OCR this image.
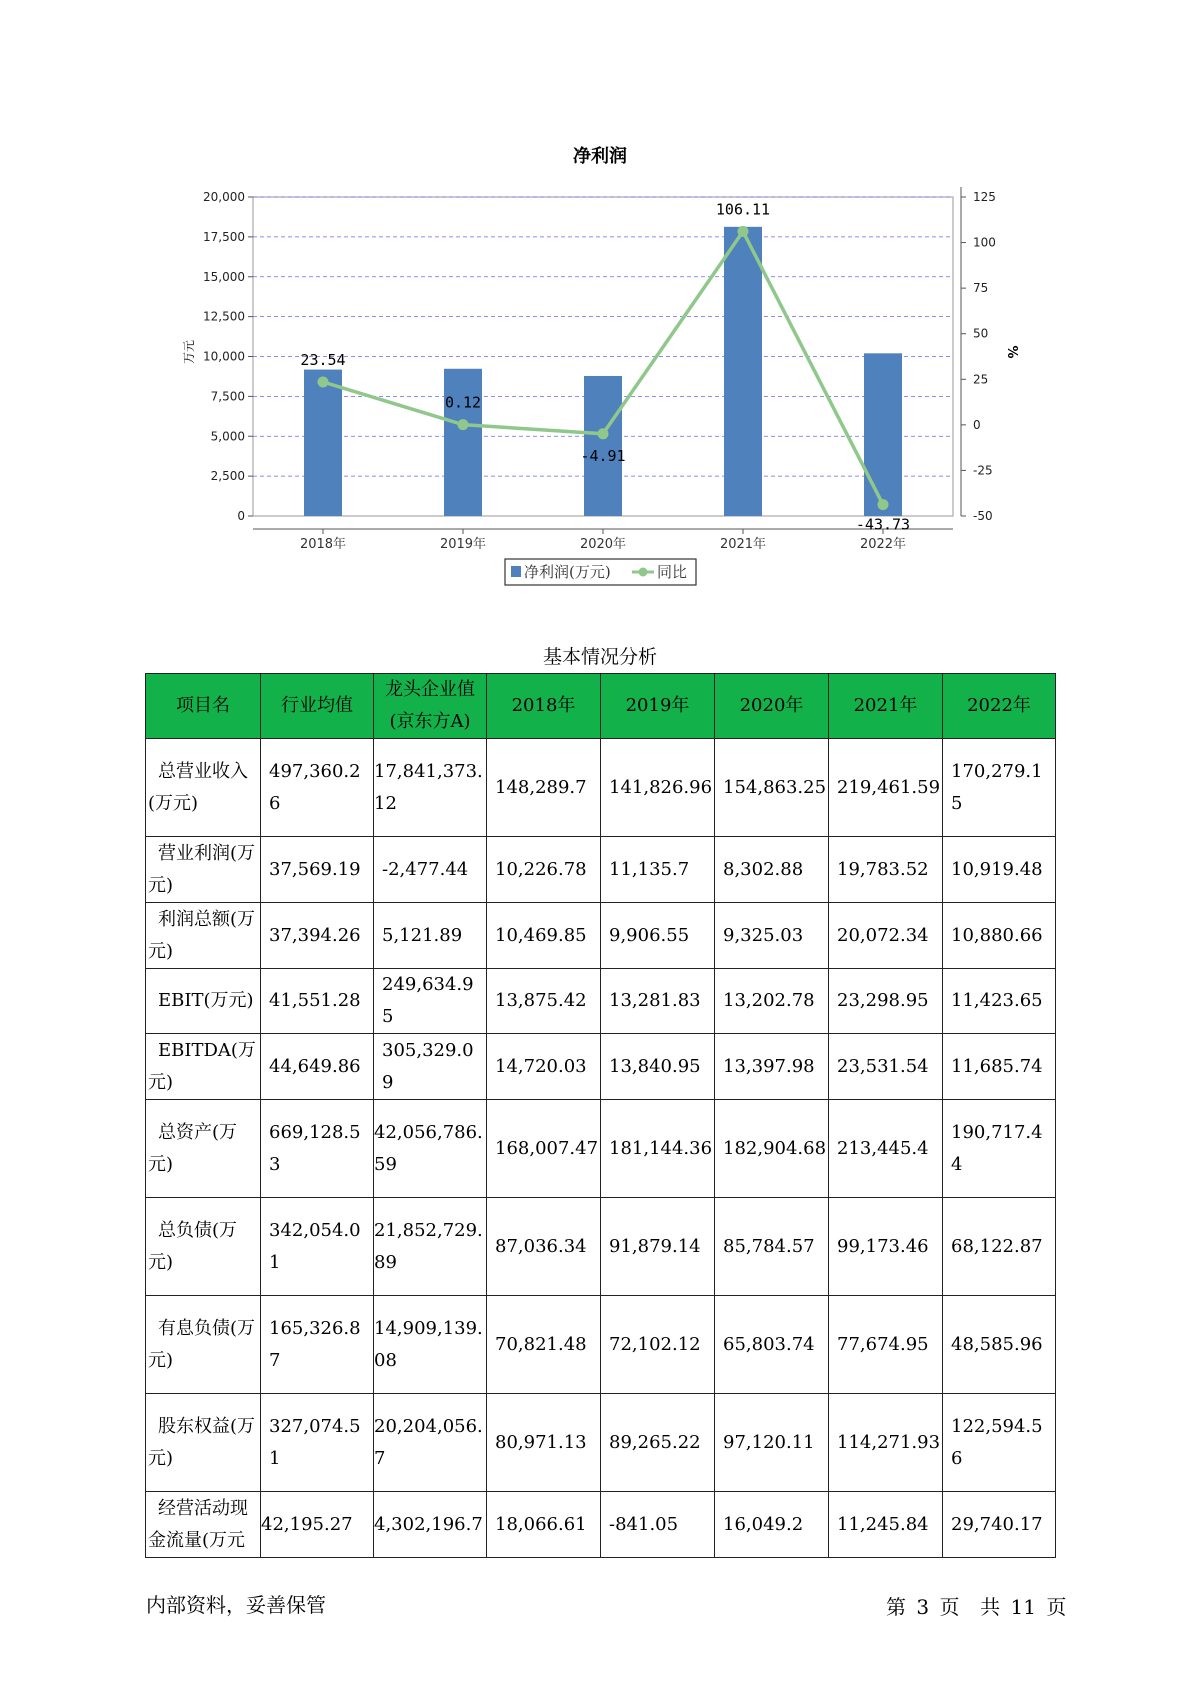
净利润
0
2,500
5,000
7,500
10,000
12,500
15,000
17,500
20,000
-50
-25
0
25
50
75
100
125
2018年	2019年	2020年	2021年	2022年
23.54
0.12
-4.91
106.11
-43.73
万元	%
净利润(万元)	同比
基本情况分析
项目名	行业均值	龙头企业值(京东方A)	2018年	2019年	2020年	2021年	2022年
总营业收入(万元)	497,360.26	17,841,373.12	148,289.7	141,826.96	154,863.25	219,461.59	170,279.15
营业利润(万元)	37,569.19	-2,477.44	10,226.78	11,135.7	8,302.88	19,783.52	10,919.48
利润总额(万元)	37,394.26	5,121.89	10,469.85	9,906.55	9,325.03	20,072.34	10,880.66
EBIT(万元)	41,551.28	249,634.95	13,875.42	13,281.83	13,202.78	23,298.95	11,423.65
EBITDA(万元)	44,649.86	305,329.09	14,720.03	13,840.95	13,397.98	23,531.54	11,685.74
总资产(万元)	669,128.53	42,056,786.59	168,007.47	181,144.36	182,904.68	213,445.4	190,717.44
总负债(万元)	342,054.01	21,852,729.89	87,036.34	91,879.14	85,784.57	99,173.46	68,122.87
有息负债(万元)	165,326.87	14,909,139.08	70,821.48	72,102.12	65,803.74	77,674.95	48,585.96
股东权益(万元)	327,074.51	20,204,056.7	80,971.13	89,265.22	97,120.11	114,271.93	122,594.56
经营活动现金流量(万元	42,195.27	4,302,196.7	18,066.61	-841.05	16,049.2	11,245.84	29,740.17
内部资料，妥善保管	第 3 页 共 11 页
